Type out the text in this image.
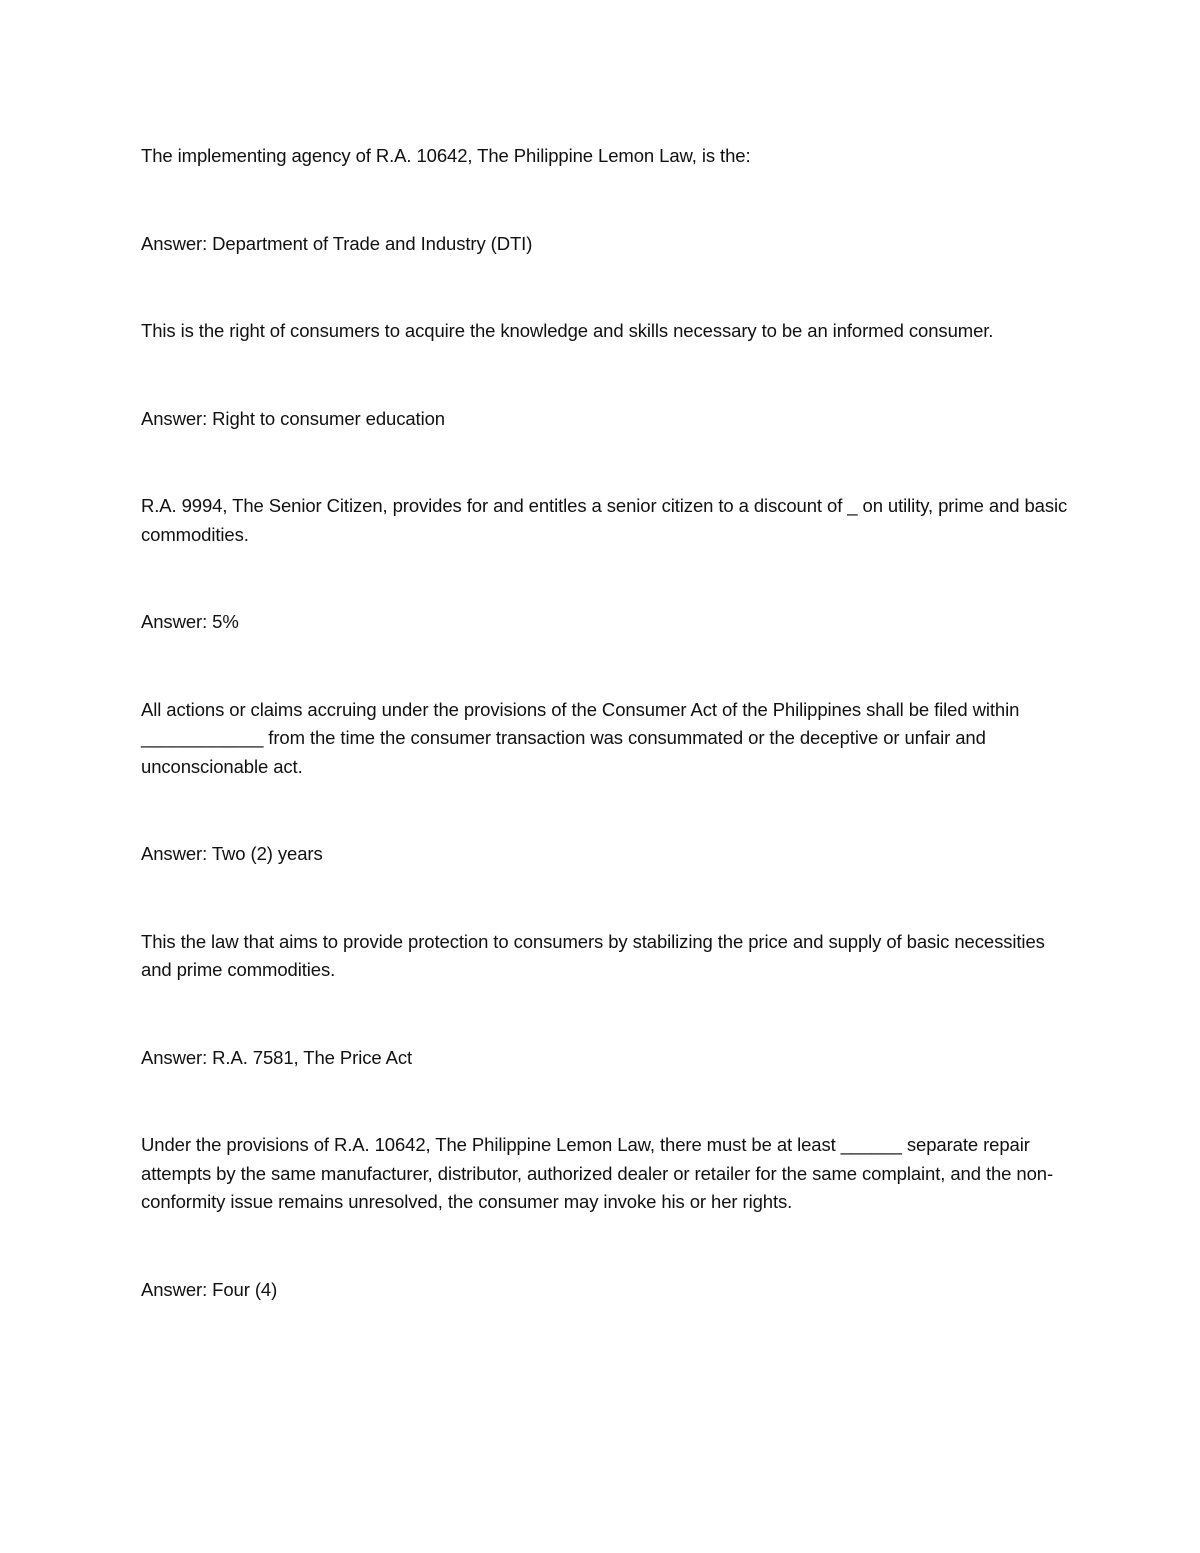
The implementing agency of R.A. 10642, The Philippine Lemon Law, is the:

Answer: Department of Trade and Industry (DTI)

This is the right of consumers to acquire the knowledge and skills necessary to be an informed consumer.

Answer: Right to consumer education

R.A. 9994, The Senior Citizen, provides for and entitles a senior citizen to a discount of _ on utility, prime and basic commodities.

Answer: 5%

All actions or claims accruing under the provisions of the Consumer Act of the Philippines shall be filed within ____________ from the time the consumer transaction was consummated or the deceptive or unfair and unconscionable act.

Answer: Two (2) years

This the law that aims to provide protection to consumers by stabilizing the price and supply of basic necessities and prime commodities.

Answer: R.A. 7581, The Price Act

Under the provisions of R.A. 10642, The Philippine Lemon Law, there must be at least ______ separate repair attempts by the same manufacturer, distributor, authorized dealer or retailer for the same complaint, and the non-conformity issue remains unresolved, the consumer may invoke his or her rights.

Answer: Four (4)
